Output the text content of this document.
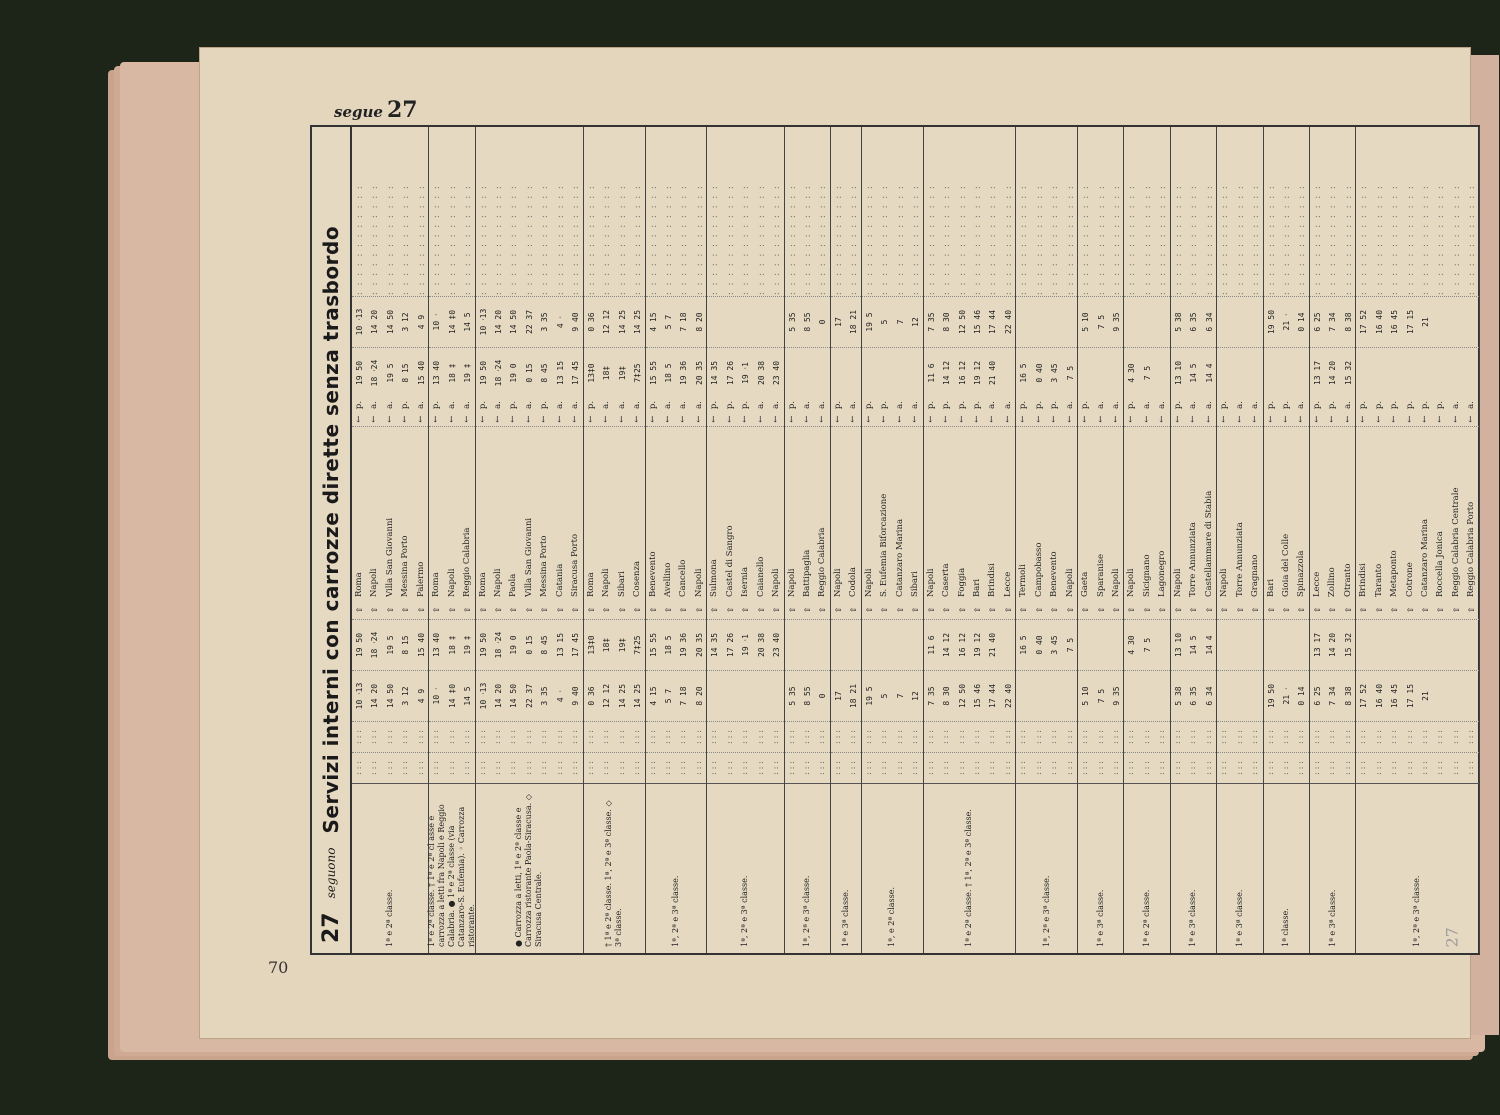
segue 27
70
27
seguono
Servizi interni con carrozze dirette senza trasbordo
1ª e 2ª classe.
: : : : : : : : : : : : : : :
: : : : : : : : : : : : : : :
10 ‧13 14 20 14 50 3 12 4 9
19 50 18 ‧24 19 5 8 15 15 40
⇧ ⇧ ⇧ ⇧ ⇧
Roma Napoli Villa San Giovanni Messina Porto Palermo
← ← ← ← ←
p. a. a. p. a.
19 50 18 ‧24 19 5 8 15 15 40
10 ‧13 14 20 14 50 3 12 4 9
: : : : : : : : : : : : : : : : : : : : : : : : : : : : : : : : : : : : : : : : : : : : : : : : : : : : : : : : : : : :
1ª e 2ª classe. † 1ª e 2ª cl asse e carrozza a letti fra Napoli e Reggio Calabria. ● 1ª e 2ª classe (via Catanzaro-S. Eufemia). ◦ Carrozza ristorante.
: : : : : : : : :
: : : : : : : : :
10 ‧ 14 ‡0 14 5
13 40 18 ‡ 19 ‡
⇧ ⇧ ⇧
Roma Napoli Reggio Calabria
← ← ←
p. a. a.
13 40 18 ‡ 19 ‡
10 ‧ 14 ‡0 14 5
: : : : : : : : : : : : : : : : : : : : : : : : : : : : : : : : : : : :
● Carrozza a letti, 1ª e 2ª classe e Carrozza ristorante Paola-Siracusa. ◇ Siracusa Centrale.
: : : : : : : : : : : : : : : : : : : : :
: : : : : : : : : : : : : : : : : : : : :
10 ‧13 14 20 14 50 22 37 3 35 4 ‧ 9 40
19 50 18 ‧24 19 0 0 15 8 45 13 15 17 45
⇧ ⇧ ⇧ ⇧ ⇧ ⇧ ⇧
Roma Napoli Paola Villa San Giovanni Messina Porto Catania Siracusa Porto
← ← ← ← ← ← ←
p. a. p. a. p. a. a.
19 50 18 ‧24 19 0 0 15 8 45 13 15 17 45
10 ‧13 14 20 14 50 22 37 3 35 4 ‧ 9 40
: : : : : : : : : : : : : : : : : : : : : : : : : : : : : : : : : : : : : : : : : : : : : : : : : : : : : : : : : : : : : : : : : : : : : : : : : : : : : : : : : : : :
† 1ª e 2ª classe. 1ª, 2ª e 3ª classe. ◇ 3ª classe.
: : : : : : : : : : : :
: : : : : : : : : : : :
0 36 12 12 14 25 14 25
13‡0 18‡ 19‡ 7‡25
⇧ ⇧ ⇧ ⇧
Roma Napoli Sibari Cosenza
← ← ← ←
p. a. a. a.
13‡0 18‡ 19‡ 7‡25
0 36 12 12 14 25 14 25
: : : : : : : : : : : : : : : : : : : : : : : : : : : : : : : : : : : : : : : : : : : : : : : :
1ª, 2ª e 3ª classe.
: : : : : : : : : : : :
: : : : : : : : : : : :
4 15 5 7 7 18 8 20
15 55 18 5 19 36 20 35
⇧ ⇧ ⇧ ⇧
Benevento Avellino Cancello Napoli
← ← ← ←
p. a. a. a.
15 55 18 5 19 36 20 35
4 15 5 7 7 18 8 20
: : : : : : : : : : : : : : : : : : : : : : : : : : : : : : : : : : : : : : : : : : : : : : : :
1ª, 2ª e 3ª classe.
: : : : : : : : : : : : : : :
: : : : : : : : : : : : : : :
14 35 17 26 19 ‧1 20 38 23 40
⇧ ⇧ ⇧ ⇧ ⇧
Sulmona Castel di Sangro Isernia Caianello Napoli
← ← ← ← ←
p. p. p. a. a.
14 35 17 26 19 ‧1 20 38 23 40
: : : : : : : : : : : : : : : : : : : : : : : : : : : : : : : : : : : : : : : : : : : : : : : : : : : : : : : : : : : :
1ª, 2ª e 3ª classe.
: : : : : : : : :
: : : : : : : : :
5 35 8 55 0
⇧ ⇧ ⇧
Napoli Battipaglia Reggio Calabria
← ← ←
p. a. a.
5 35 8 55 0
: : : : : : : : : : : : : : : : : : : : : : : : : : : : : : : : : : : :
1ª e 3ª classe.
: : : : : :
: : : : : :
17 18 21
⇧ ⇧
Napoli Codola
← ←
p. a.
17 18 21
: : : : : : : : : : : : : : : : : : : : : : : :
1ª, e 2ª classe.
: : : : : : : : : : : :
: : : : : : : : : : : :
19 5 5 7 12
⇧ ⇧ ⇧ ⇧
Napoli S. Eufemia Biforcazione Catanzaro Marina Sibari
← ← ← ←
p. p. a. a.
19 5 5 7 12
: : : : : : : : : : : : : : : : : : : : : : : : : : : : : : : : : : : : : : : : : : : : : : : :
1ª e 2ª classe. † 1ª, 2ª e 3ª classe.
: : : : : : : : : : : : : : : : : :
: : : : : : : : : : : : : : : : : :
7 35 8 30 12 50 15 46 17 44 22 40
11 6 14 12 16 12 19 12 21 40
⇧ ⇧ ⇧ ⇧ ⇧ ⇧
Napoli Caserta Foggia Bari Brindisi Lecce
← ← ← ← ← ←
p. p. p. p. a. a.
11 6 14 12 16 12 19 12 21 40
7 35 8 30 12 50 15 46 17 44 22 40
: : : : : : : : : : : : : : : : : : : : : : : : : : : : : : : : : : : : : : : : : : : : : : : : : : : : : : : : : : : : : : : : : : : : : : : :
1ª, 2ª e 3ª classe.
: : : : : : : : : : : :
: : : : : : : : : : : :
16 5 0 40 3 45 7 5
⇧ ⇧ ⇧ ⇧
Termoli Campobasso Benevento Napoli
← ← ← ←
p. p. p. a.
16 5 0 40 3 45 7 5
: : : : : : : : : : : : : : : : : : : : : : : : : : : : : : : : : : : : : : : : : : : : : : : :
1ª e 3ª classe.
: : : : : : : : :
: : : : : : : : :
5 10 7 5 9 35
⇧ ⇧ ⇧
Gaeta Sparanise Napoli
← ← ←
p. a. a.
5 10 7 5 9 35
: : : : : : : : : : : : : : : : : : : : : : : : : : : : : : : : : : : :
1ª e 2ª classe.
: : : : : : : : :
: : : : : : : : :
4 30 7 5
⇧ ⇧ ⇧
Napoli Sicignano Lagonegro
← ← ←
p. a. a.
4 30 7 5
: : : : : : : : : : : : : : : : : : : : : : : : : : : : : : : : : : : :
1ª e 3ª classe.
: : : : : : : : :
: : : : : : : : :
5 38 6 35 6 34
13 10 14 5 14 4
⇧ ⇧ ⇧
Napoli Torre Annunziata Castellammare di Stabia
← ← ←
p. a. a.
13 10 14 5 14 4
5 38 6 35 6 34
: : : : : : : : : : : : : : : : : : : : : : : : : : : : : : : : : : : :
1ª e 3ª classe.
: : : : : : : : :
: : : : : : : : :
⇧ ⇧ ⇧
Napoli Torre Annunziata Gragnano
← ← ←
p. a. a.
: : : : : : : : : : : : : : : : : : : : : : : : : : : : : : : : : : : :
1ª classe.
: : : : : : : : :
: : : : : : : : :
19 50 21 ‧ 0 14
⇧ ⇧ ⇧
Bari Gioia del Colle Spinazzola
← ← ←
p. p. a.
19 50 21 ‧ 0 14
: : : : : : : : : : : : : : : : : : : : : : : : : : : : : : : : : : : :
1ª e 3ª classe.
: : : : : : : : :
: : : : : : : : :
6 25 7 34 8 38
13 17 14 20 15 32
⇧ ⇧ ⇧
Lecce Zollino Otranto
← ← ←
p. p. a.
13 17 14 20 15 32
6 25 7 34 8 38
: : : : : : : : : : : : : : : : : : : : : : : : : : : : : : : : : : : :
1ª, 2ª e 3ª classe.
: : : : : : : : : : : : : : : : : : : : : : : :
: : : : : : : : : : : : : : : : : : : : : : : :
17 52 16 40 16 45 17 15 21
⇧ ⇧ ⇧ ⇧ ⇧ ⇧ ⇧ ⇧
Brindisi Taranto Metaponto Cotrone Catanzaro Marina Roccella Jonica Reggio Calabria Centrale Reggio Calabria Porto
← ← ← ← ← ← ← ←
p. p. p. p. p. p. a. a.
17 52 16 40 16 45 17 15 21
: : : : : : : : : : : : : : : : : : : : : : : : : : : : : : : : : : : : : : : : : : : : : : : : : : : : : : : : : : : : : : : : : : : : : : : : : : : : : : : : : : : : : : : : : : : : : : : :
27
